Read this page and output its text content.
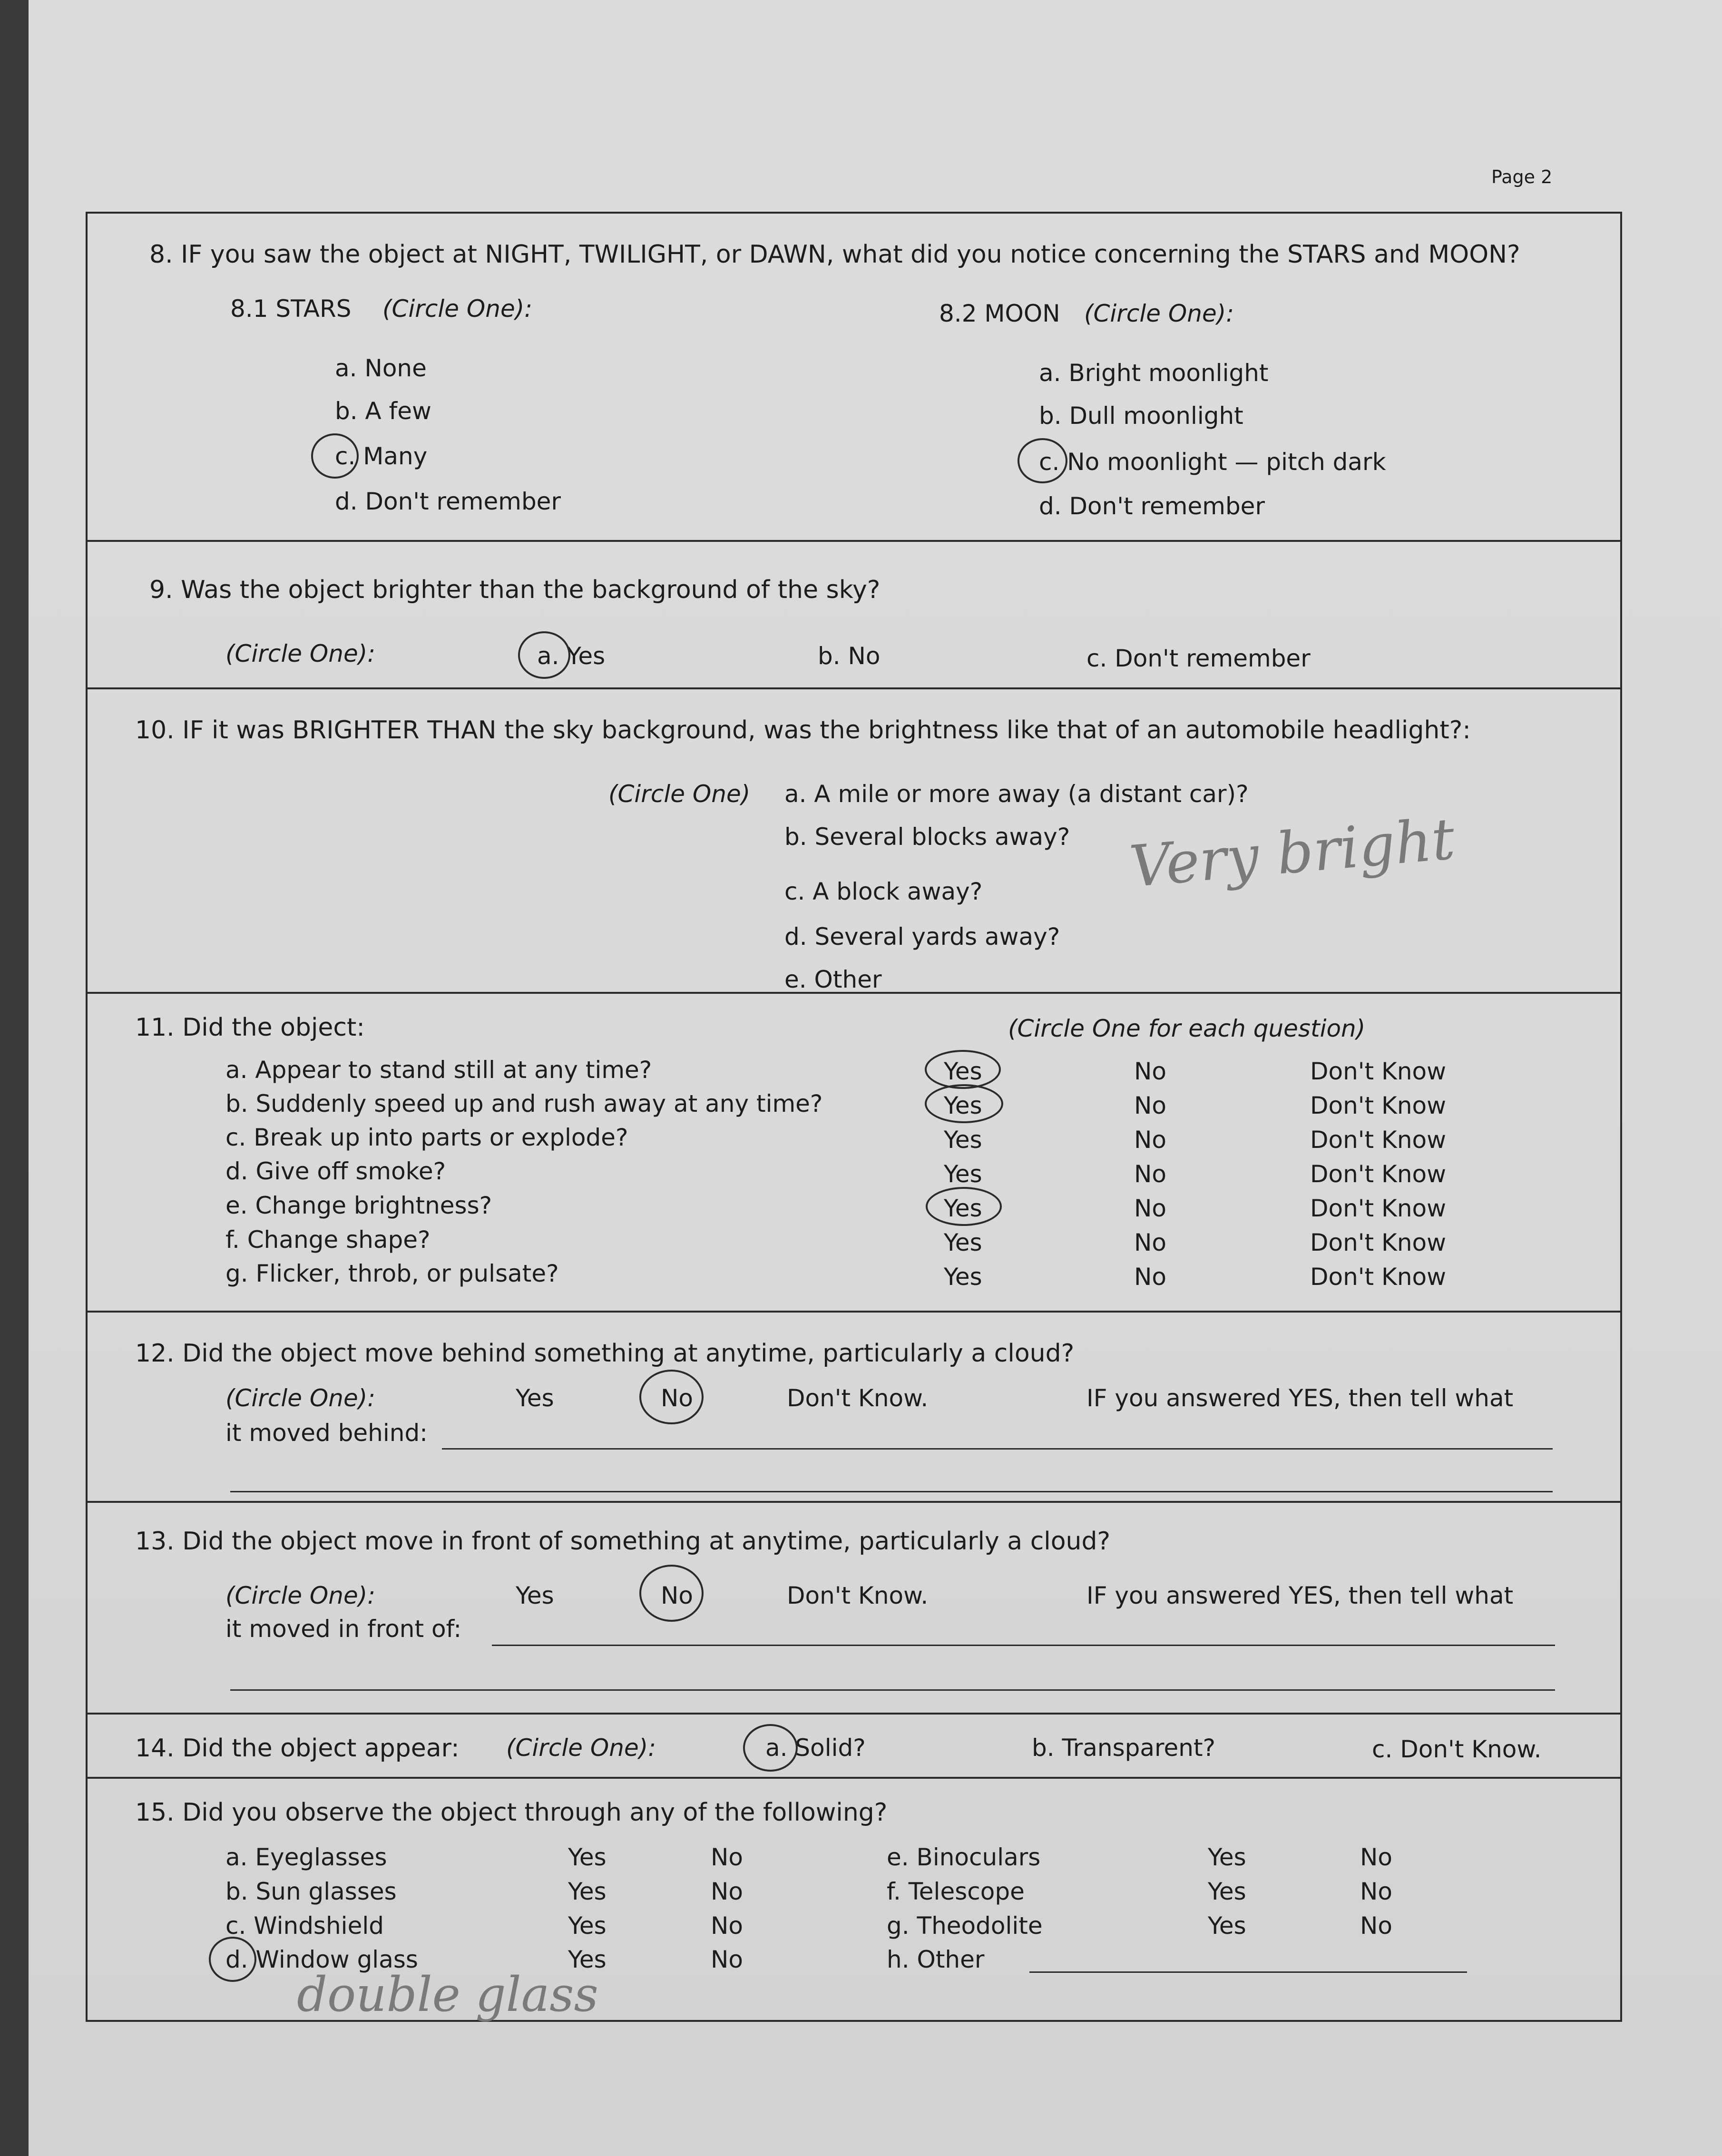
Page 2
8. IF you saw the object at NIGHT, TWILIGHT, or DAWN, what did you notice concerning the STARS and MOON?
8.1 STARS (Circle One):
a. None
b. A few
c. Many
d. Don't remember
8.2 MOON (Circle One):
a. Bright moonlight
b. Dull moonlight
c. No moonlight — pitch dark
d. Don't remember
9. Was the object brighter than the background of the sky?
(Circle One):	a. Yes	b. No	c. Don't remember
10. IF it was BRIGHTER THAN the sky background, was the brightness like that of an automobile headlight?:
(Circle One) a. A mile or more away (a distant car)?
b. Several blocks away?
c. A block away?
d. Several yards away?
e. Other
Very bright
11. Did the object:	(Circle One for each question)
a. Appear to stand still at any time?	Yes	No	Don't Know
b. Suddenly speed up and rush away at any time?	Yes	No	Don't Know
c. Break up into parts or explode?	Yes	No	Don't Know
d. Give off smoke?	Yes	No	Don't Know
e. Change brightness?	Yes	No	Don't Know
f. Change shape?	Yes	No	Don't Know
g. Flicker, throb, or pulsate?	Yes	No	Don't Know
12. Did the object move behind something at anytime, particularly a cloud?
(Circle One):	Yes	No	Don't Know.	IF you answered YES, then tell what
it moved behind:
13. Did the object move in front of something at anytime, particularly a cloud?
(Circle One):	Yes	No	Don't Know.	IF you answered YES, then tell what
it moved in front of:
14. Did the object appear: (Circle One):	a. Solid?	b. Transparent?	c. Don't Know.
15. Did you observe the object through any of the following?
a. Eyeglasses	Yes	No
b. Sun glasses	Yes	No
c. Windshield	Yes	No
d. Window glass	Yes	No
e. Binoculars	Yes	No
f. Telescope	Yes	No
g. Theodolite	Yes	No
h. Other
double glass
